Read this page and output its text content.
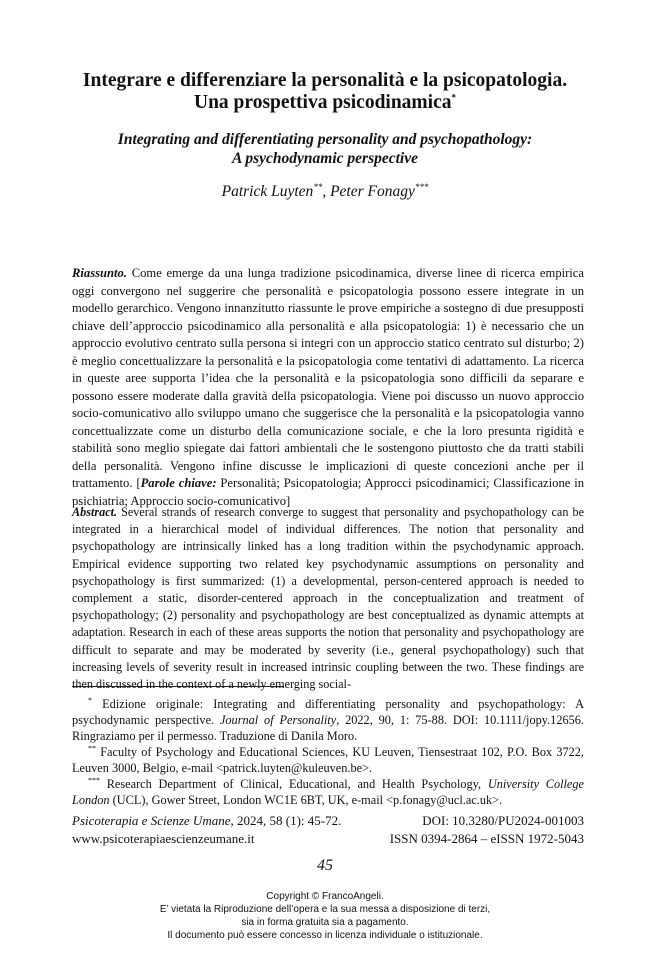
Integrare e differenziare la personalità e la psicopatologia.
Una prospettiva psicodinamica*
Integrating and differentiating personality and psychopathology:
A psychodynamic perspective
Patrick Luyten**, Peter Fonagy***
Riassunto. Come emerge da una lunga tradizione psicodinamica, diverse linee di ricerca empirica oggi convergono nel suggerire che personalità e psicopatologia possono essere integrate in un modello gerarchico. Vengono innanzitutto riassunte le prove empiriche a sostegno di due presupposti chiave dell’approccio psicodinamico alla personalità e alla psicopatologia: 1) è necessario che un approccio evolutivo centrato sulla persona si integri con un approccio statico centrato sul disturbo; 2) è meglio concettualizzare la personalità e la psicopatologia come tentativi di adattamento. La ricerca in queste aree supporta l’idea che la personalità e la psicopatologia sono difficili da separare e possono essere moderate dalla gravità della psicopatologia. Viene poi discusso un nuovo approccio socio-comunicativo allo sviluppo umano che suggerisce che la personalità e la psicopatologia vanno concettualizzate come un disturbo della comunicazione sociale, e che la loro presunta rigidità e stabilità sono meglio spiegate dai fattori ambientali che le sostengono piuttosto che da tratti stabili della personalità. Vengono infine discusse le implicazioni di queste concezioni anche per il trattamento. [Parole chiave: Personalità; Psicopatologia; Approcci psicodinamici; Classificazione in psichiatria; Approccio socio-comunicativo]
Abstract. Several strands of research converge to suggest that personality and psychopathology can be integrated in a hierarchical model of individual differences. The notion that personality and psychopathology are intrinsically linked has a long tradition within the psychodynamic approach. Empirical evidence supporting two related key psychodynamic assumptions on personality and psychopathology is first summarized: (1) a developmental, person-centered approach is needed to complement a static, disorder-centered approach in the conceptualization and treatment of psychopathology; (2) personality and psychopathology are best conceptualized as dynamic attempts at adaptation. Research in each of these areas supports the notion that personality and psychopathology are difficult to separate and may be moderated by severity (i.e., general psychopathology) such that increasing levels of severity result in increased intrinsic coupling between the two. These findings are then discussed in the context of a newly emerging social-

* Edizione originale: Integrating and differentiating personality and psychopathology: A psychodynamic perspective. Journal of Personality, 2022, 90, 1: 75-88. DOI: 10.1111/jopy.12656. Ringraziamo per il permesso. Traduzione di Danila Moro.

** Faculty of Psychology and Educational Sciences, KU Leuven, Tiensestraat 102, P.O. Box 3722, Leuven 3000, Belgio, e-mail <patrick.luyten@kuleuven.be>.

*** Research Department of Clinical, Educational, and Health Psychology, University College London (UCL), Gower Street, London WC1E 6BT, UK, e-mail <p.fonagy@ucl.ac.uk>.

Psicoterapia e Scienze Umane, 2024, 58 (1): 45-72.	DOI: 10.3280/PU2024-001003
www.psicoterapiaescienzeumane.it	ISSN 0394-2864 – eISSN 1972-5043
45
Copyright © FrancoAngeli.
E’ vietata la Riproduzione dell’opera e la sua messa a disposizione di terzi,
sia in forma gratuita sia a pagamento.
Il documento può essere concesso in licenza individuale o istituzionale.
